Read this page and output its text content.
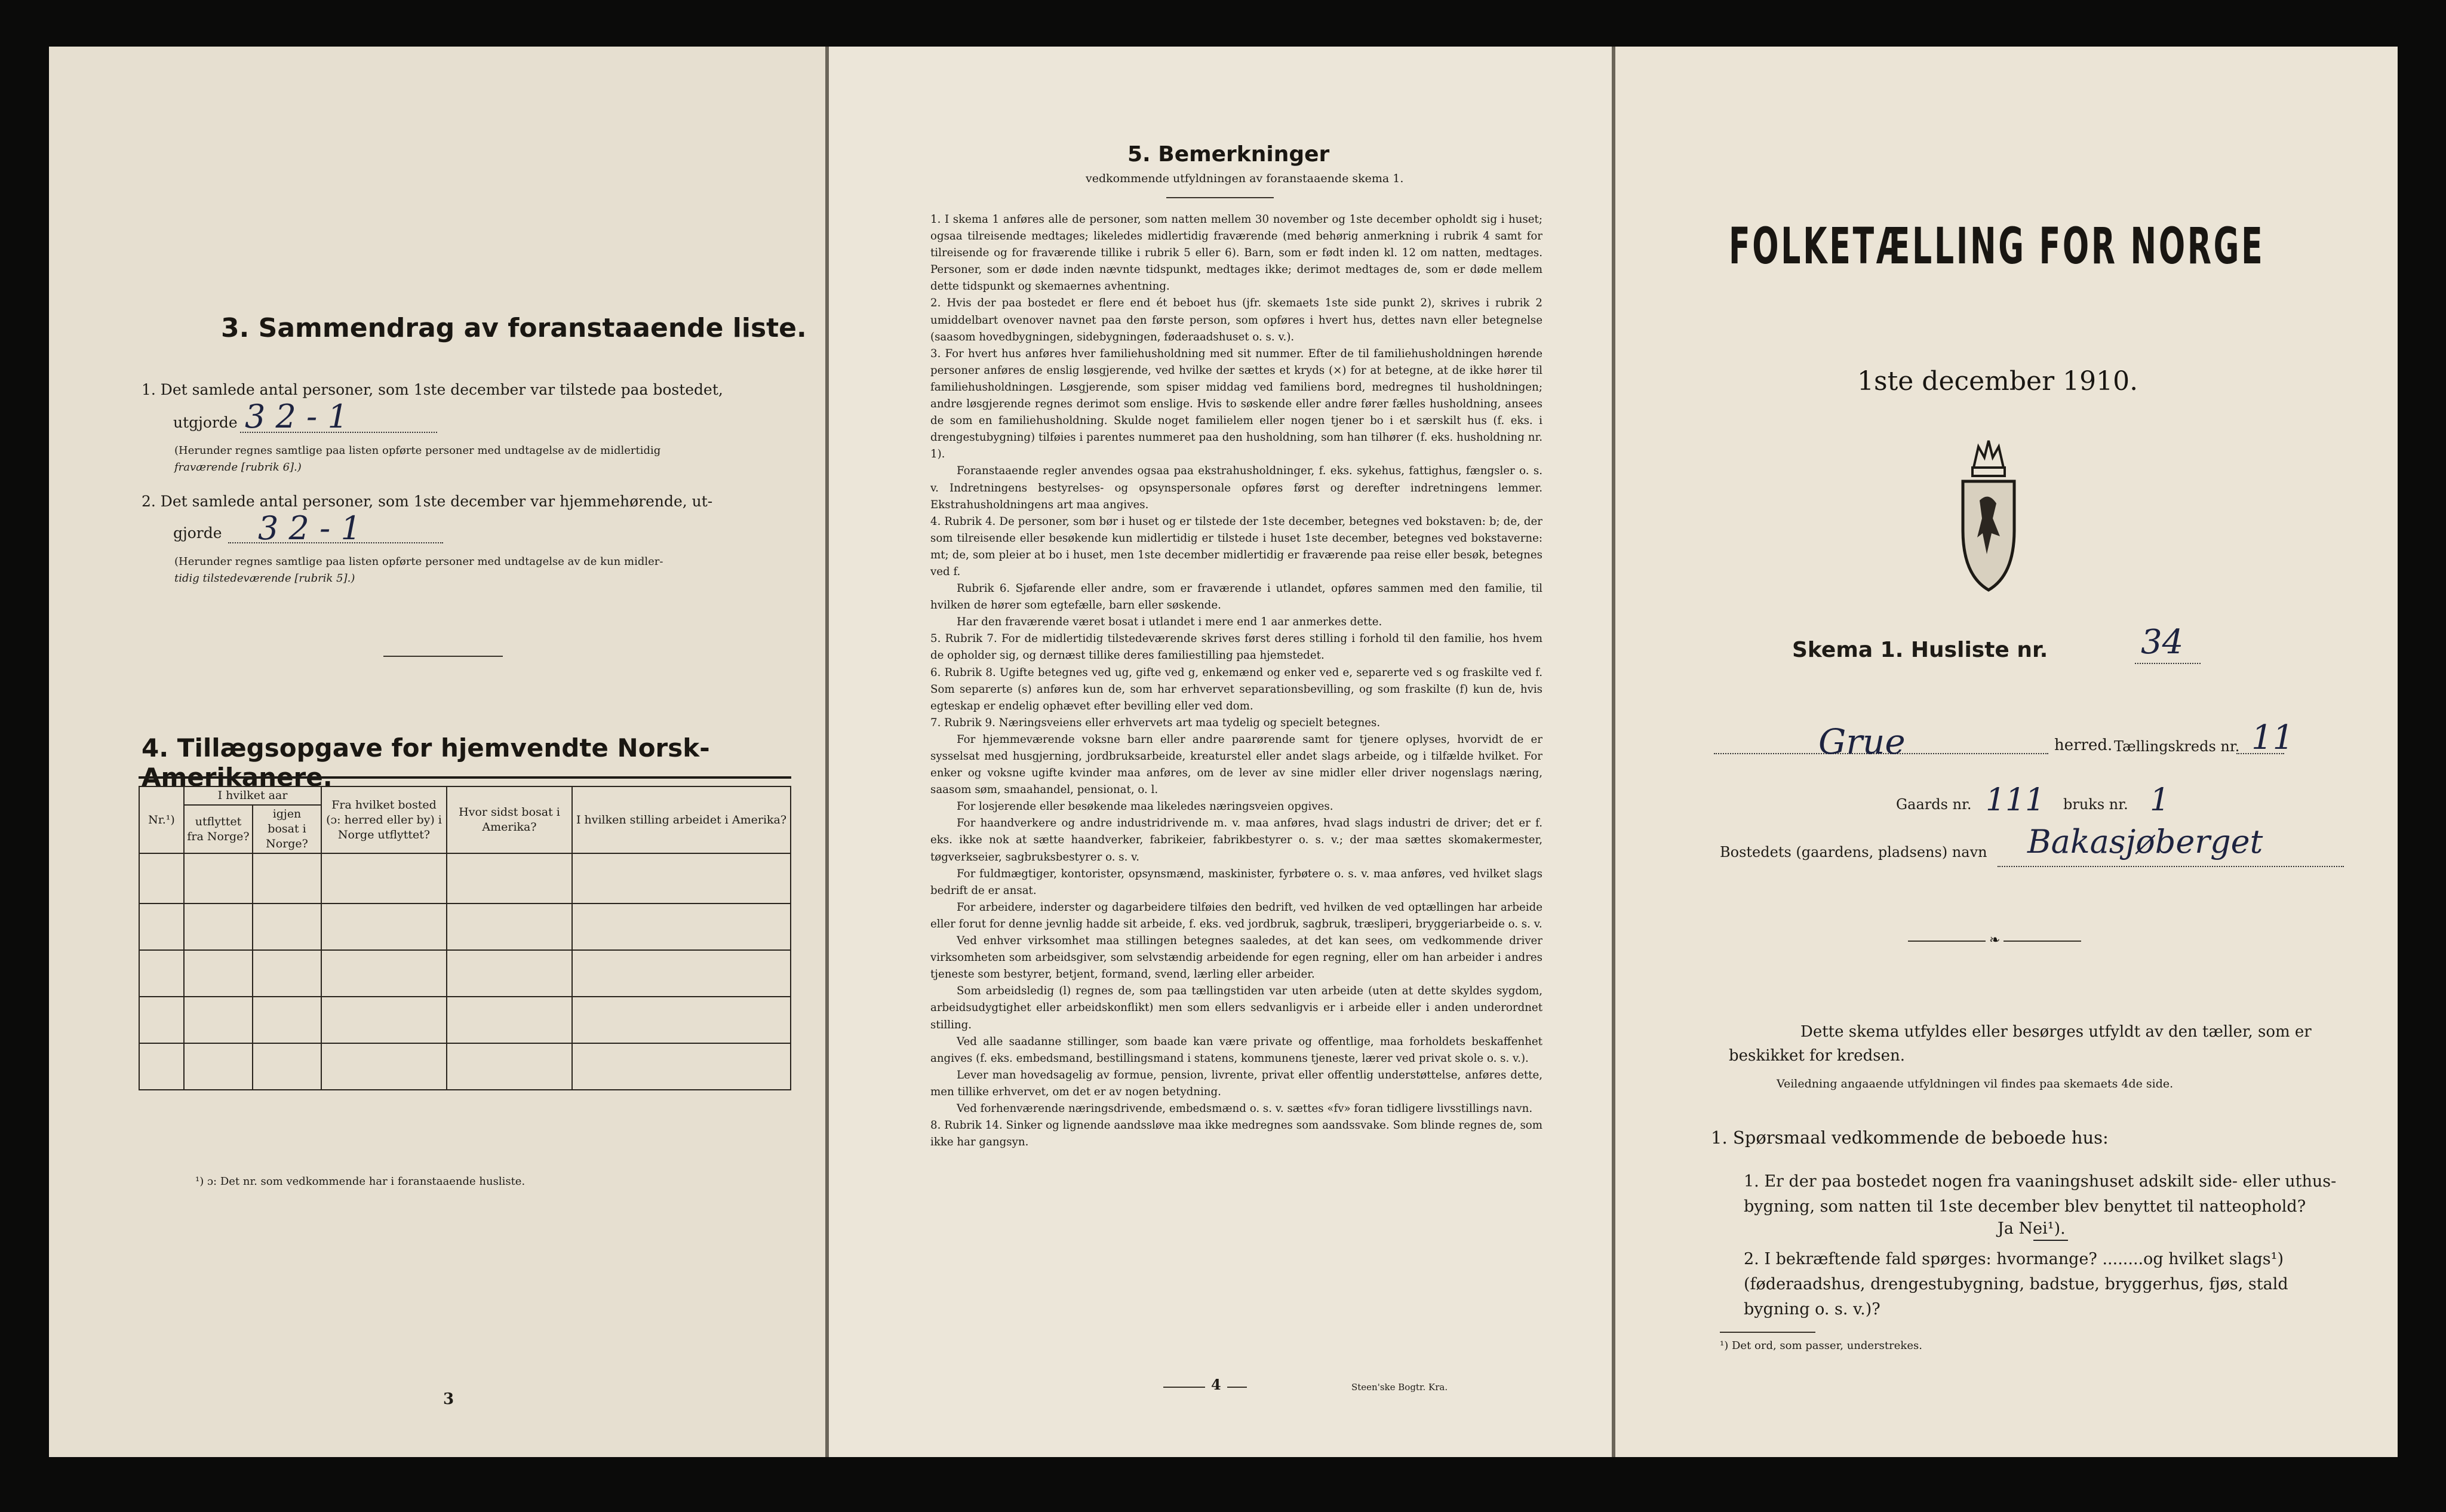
3. Sammendrag av foranstaaende liste.
1. Det samlede antal personer, som 1ste december var tilstede paa bostedet,
utgjorde 3 2 - 1
(Herunder regnes samtlige paa listen opførte personer med undtagelse av de midlertidig
fraværende [rubrik 6].)
2. Det samlede antal personer, som 1ste december var hjemmehørende, ut-
gjorde 3 2 - 1
(Herunder regnes samtlige paa listen opførte personer med undtagelse av de kun midler-
tidig tilstedeværende [rubrik 5].)
4. Tillægsopgave for hjemvendte Norsk-Amerikanere.
Nr.¹)	I hvilket aar		Fra hvilket bosted (ɔ: herred eller by) i Norge utflyttet?	Hvor sidst bosat i Amerika?	I hvilken stilling arbeidet i Amerika?
	utflyttet fra Norge?	igjen bosat i Norge?			

¹) ɔ: Det nr. som vedkommende har i foranstaaende husliste.
3
5. Bemerkninger
vedkommende utfyldningen av foranstaaende skema 1.

1. I skema 1 anføres alle de personer, som natten mellem 30 november og 1ste december opholdt sig i huset; ogsaa tilreisende medtages; likeledes midlertidig fraværende (med behørig anmerkning i rubrik 4 samt for tilreisende og for fraværende tillike i rubrik 5 eller 6). Barn, som er født inden kl. 12 om natten, medtages. Personer, som er døde inden nævnte tidspunkt, medtages ikke; derimot medtages de, som er døde mellem dette tidspunkt og skemaernes avhentning.

2. Hvis der paa bostedet er flere end ét beboet hus (jfr. skemaets 1ste side punkt 2), skrives i rubrik 2 umiddelbart ovenover navnet paa den første person, som opføres i hvert hus, dettes navn eller betegnelse (saasom hovedbygningen, sidebygningen, føderaadshuset o. s. v.).

3. For hvert hus anføres hver familiehusholdning med sit nummer. Efter de til familiehusholdningen hørende personer anføres de enslig løsgjerende, ved hvilke der sættes et kryds (×) for at betegne, at de ikke hører til familiehusholdningen. Løsgjerende, som spiser middag ved familiens bord, medregnes til husholdningen; andre løsgjerende regnes derimot som enslige. Hvis to søskende eller andre fører fælles husholdning, ansees de som en familiehusholdning. Skulde noget familielem eller nogen tjener bo i et særskilt hus (f. eks. i drengestubygning) tilføies i parentes nummeret paa den husholdning, som han tilhører (f. eks. husholdning nr. 1).

Foranstaaende regler anvendes ogsaa paa ekstrahusholdninger, f. eks. sykehus, fattighus, fængsler o. s. v. Indretningens bestyrelses- og opsynspersonale opføres først og derefter indretningens lemmer. Ekstrahusholdningens art maa angives.

4. Rubrik 4. De personer, som bør i huset og er tilstede der 1ste december, betegnes ved bokstaven: b; de, der som tilreisende eller besøkende kun midlertidig er tilstede i huset 1ste december, betegnes ved bokstaverne: mt; de, som pleier at bo i huset, men 1ste december midlertidig er fraværende paa reise eller besøk, betegnes ved f.

Rubrik 6. Sjøfarende eller andre, som er fraværende i utlandet, opføres sammen med den familie, til hvilken de hører som egtefælle, barn eller søskende.

Har den fraværende været bosat i utlandet i mere end 1 aar anmerkes dette.

5. Rubrik 7. For de midlertidig tilstedeværende skrives først deres stilling i forhold til den familie, hos hvem de opholder sig, og dernæst tillike deres familiestilling paa hjemstedet.

6. Rubrik 8. Ugifte betegnes ved ug, gifte ved g, enkemænd og enker ved e, separerte ved s og fraskilte ved f. Som separerte (s) anføres kun de, som har erhvervet separationsbevilling, og som fraskilte (f) kun de, hvis egteskap er endelig ophævet efter bevilling eller ved dom.

7. Rubrik 9. Næringsveiens eller erhvervets art maa tydelig og specielt betegnes.

For hjemmeværende voksne barn eller andre paarørende samt for tjenere oplyses, hvorvidt de er sysselsat med husgjerning, jordbruksarbeide, kreaturstel eller andet slags arbeide, og i tilfælde hvilket. For enker og voksne ugifte kvinder maa anføres, om de lever av sine midler eller driver nogenslags næring, saasom søm, smaahandel, pensionat, o. l.

For losjerende eller besøkende maa likeledes næringsveien opgives.

For haandverkere og andre industridrivende m. v. maa anføres, hvad slags industri de driver; det er f. eks. ikke nok at sætte haandverker, fabrikeier, fabrikbestyrer o. s. v.; der maa sættes skomakermester, tøgverkseier, sagbruksbestyrer o. s. v.

For fuldmægtiger, kontorister, opsynsmænd, maskinister, fyrbøtere o. s. v. maa anføres, ved hvilket slags bedrift de er ansat.

For arbeidere, inderster og dagarbeidere tilføies den bedrift, ved hvilken de ved optællingen har arbeide eller forut for denne jevnlig hadde sit arbeide, f. eks. ved jordbruk, sagbruk, træsliperi, bryggeriarbeide o. s. v.

Ved enhver virksomhet maa stillingen betegnes saaledes, at det kan sees, om vedkommende driver virksomheten som arbeidsgiver, som selvstændig arbeidende for egen regning, eller om han arbeider i andres tjeneste som bestyrer, betjent, formand, svend, lærling eller arbeider.

Som arbeidsledig (l) regnes de, som paa tællingstiden var uten arbeide (uten at dette skyldes sygdom, arbeidsudygtighet eller arbeidskonflikt) men som ellers sedvanligvis er i arbeide eller i anden underordnet stilling.

Ved alle saadanne stillinger, som baade kan være private og offentlige, maa forholdets beskaffenhet angives (f. eks. embedsmand, bestillingsmand i statens, kommunens tjeneste, lærer ved privat skole o. s. v.).

Lever man hovedsagelig av formue, pension, livrente, privat eller offentlig understøttelse, anføres dette, men tillike erhvervet, om det er av nogen betydning.

Ved forhenværende næringsdrivende, embedsmænd o. s. v. sættes «fv» foran tidligere livsstillings navn.

8. Rubrik 14. Sinker og lignende aandssløve maa ikke medregnes som aandssvake. Som blinde regnes de, som ikke har gangsyn.

4	Steen'ske Bogtr. Kra.
FOLKETÆLLING FOR NORGE
1ste december 1910.
Skema 1. Husliste nr.	34
Grue	herred. Tællingskreds nr. 11
Gaards nr. 111 bruks nr. 1
Bostedets (gaardens, pladsens) navn Bakasjøberget
❧
Dette skema utfyldes eller besørges utfyldt av den tæller, som er beskikket for kredsen.
Veiledning angaaende utfyldningen vil findes paa skemaets 4de side.
1. Spørsmaal vedkommende de beboede hus:
1. Er der paa bostedet nogen fra vaaningshuset adskilt side- eller uthus-bygning, som natten til 1ste december blev benyttet til natteophold?
Ja Nei¹).
2. I bekræftende fald spørges: hvormange? ........og hvilket slags¹) (føderaadshus, drengestubygning, badstue, bryggerhus, fjøs, stald bygning o. s. v.)?
¹) Det ord, som passer, understrekes.
